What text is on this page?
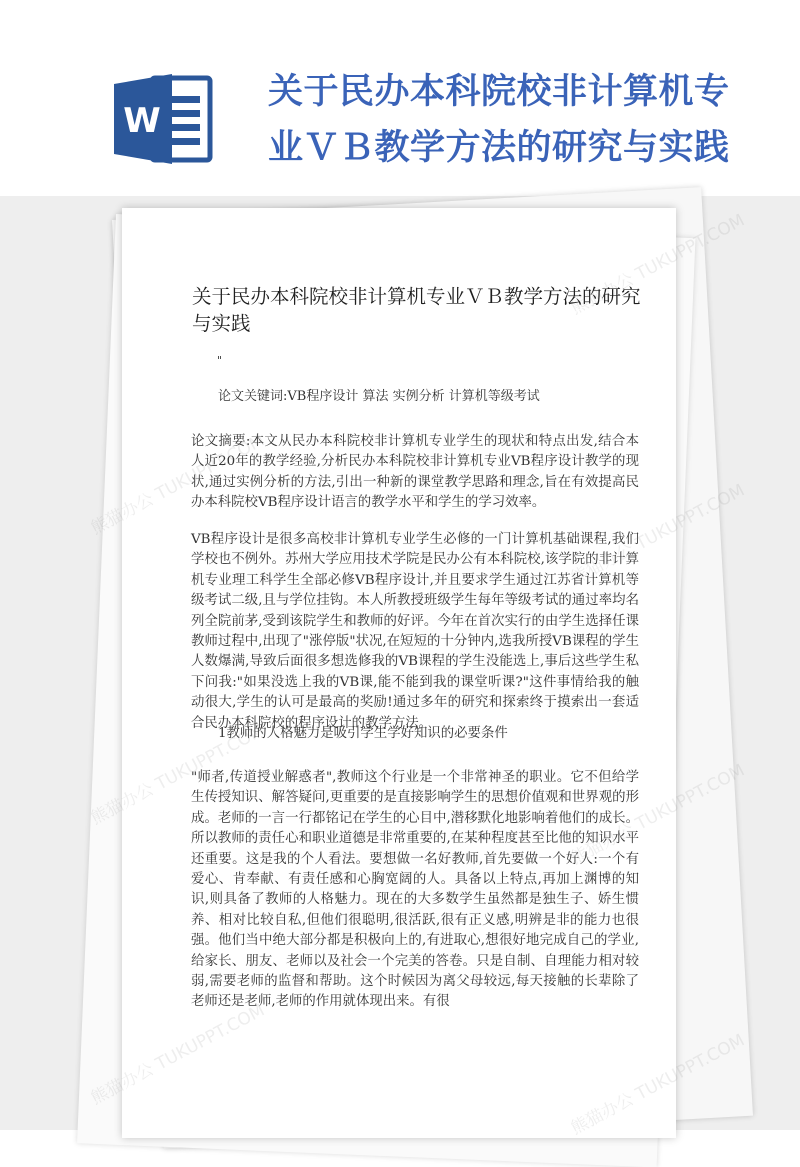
W
关于民办本科院校非计算机专
业ＶＢ教学方法的研究与实践
关于民办本科院校非计算机专业ＶＢ教学方法的研究与实践
"
论文关键词:VB程序设计 算法 实例分析 计算机等级考试
论文摘要:本文从民办本科院校非计算机专业学生的现状和特点出发,结合本人近20年的教学经验,分析民办本科院校非计算机专业VB程序设计教学的现状,通过实例分析的方法,引出一种新的课堂教学思路和理念,旨在有效提高民办本科院校VB程序设计语言的教学水平和学生的学习效率。
VB程序设计是很多高校非计算机专业学生必修的一门计算机基础课程,我们学校也不例外。苏州大学应用技术学院是民办公有本科院校,该学院的非计算机专业理工科学生全部必修VB程序设计,并且要求学生通过江苏省计算机等级考试二级,且与学位挂钩。本人所教授班级学生每年等级考试的通过率均名列全院前茅,受到该院学生和教师的好评。今年在首次实行的由学生选择任课教师过程中,出现了"涨停版"状况,在短短的十分钟内,选我所授VB课程的学生人数爆满,导致后面很多想选修我的VB课程的学生没能选上,事后这些学生私下问我:"如果没选上我的VB课,能不能到我的课堂听课?"这件事情给我的触动很大,学生的认可是最高的奖励!通过多年的研究和探索终于摸索出一套适合民办本科院校的程序设计的教学方法。
1教师的人格魅力是吸引学生学好知识的必要条件
"师者,传道授业解惑者",教师这个行业是一个非常神圣的职业。它不但给学生传授知识、解答疑问,更重要的是直接影响学生的思想价值观和世界观的形成。老师的一言一行都铭记在学生的心目中,潜移默化地影响着他们的成长。所以教师的责任心和职业道德是非常重要的,在某种程度甚至比他的知识水平还重要。这是我的个人看法。要想做一名好教师,首先要做一个好人:一个有爱心、肯奉献、有责任感和心胸宽阔的人。具备以上特点,再加上渊博的知识,则具备了教师的人格魅力。现在的大多数学生虽然都是独生子、娇生惯养、相对比较自私,但他们很聪明,很活跃,很有正义感,明辨是非的能力也很强。他们当中绝大部分都是积极向上的,有进取心,想很好地完成自己的学业,给家长、朋友、老师以及社会一个完美的答卷。只是自制、自理能力相对较弱,需要老师的监督和帮助。这个时候因为离父母较远,每天接触的长辈除了老师还是老师,老师的作用就体现出来。有很
